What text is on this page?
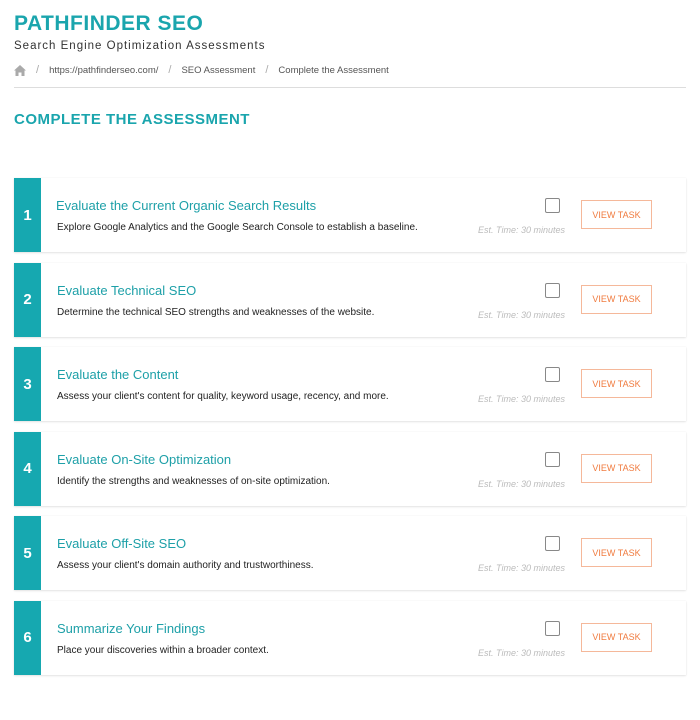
PATHFINDER SEO
Search Engine Optimization Assessments
/ https://pathfinderseo.com/ / SEO Assessment / Complete the Assessment
COMPLETE THE ASSESSMENT
1
Evaluate the Current Organic Search Results
Explore Google Analytics and the Google Search Console to establish a baseline.	Est. Time: 30 minutes
VIEW TASK
2
Evaluate Technical SEO
Determine the technical SEO strengths and weaknesses of the website.	Est. Time: 30 minutes
VIEW TASK
3
Evaluate the Content
Assess your client's content for quality, keyword usage, recency, and more.	Est. Time: 30 minutes
VIEW TASK
4
Evaluate On-Site Optimization
Identify the strengths and weaknesses of on-site optimization.	Est. Time: 30 minutes
VIEW TASK
5
Evaluate Off-Site SEO
Assess your client's domain authority and trustworthiness.	Est. Time: 30 minutes
VIEW TASK
6
Summarize Your Findings
Place your discoveries within a broader context.	Est. Time: 30 minutes
VIEW TASK
